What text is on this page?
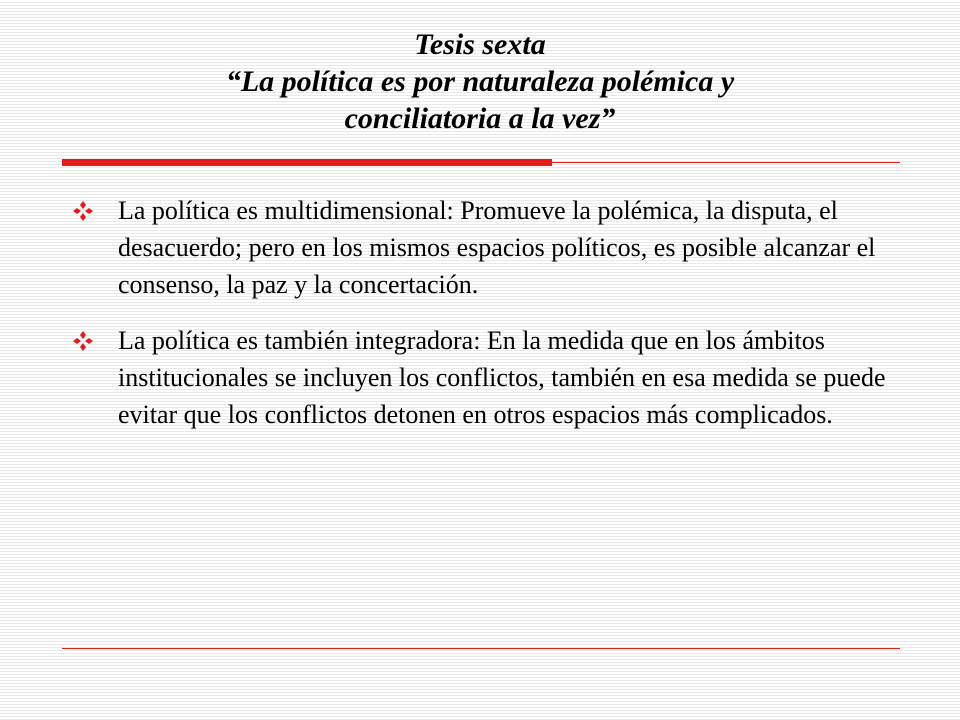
Tesis sexta
“La política es por naturaleza polémica y
conciliatoria a la vez”
La política es multidimensional: Promueve la polémica, la disputa, el desacuerdo; pero en los mismos espacios políticos, es posible alcanzar el consenso, la paz y la concertación.
La política es también integradora: En la medida que en los ámbitos institucionales se incluyen los conflictos, también en esa medida se puede evitar que los conflictos detonen en otros espacios más complicados.
